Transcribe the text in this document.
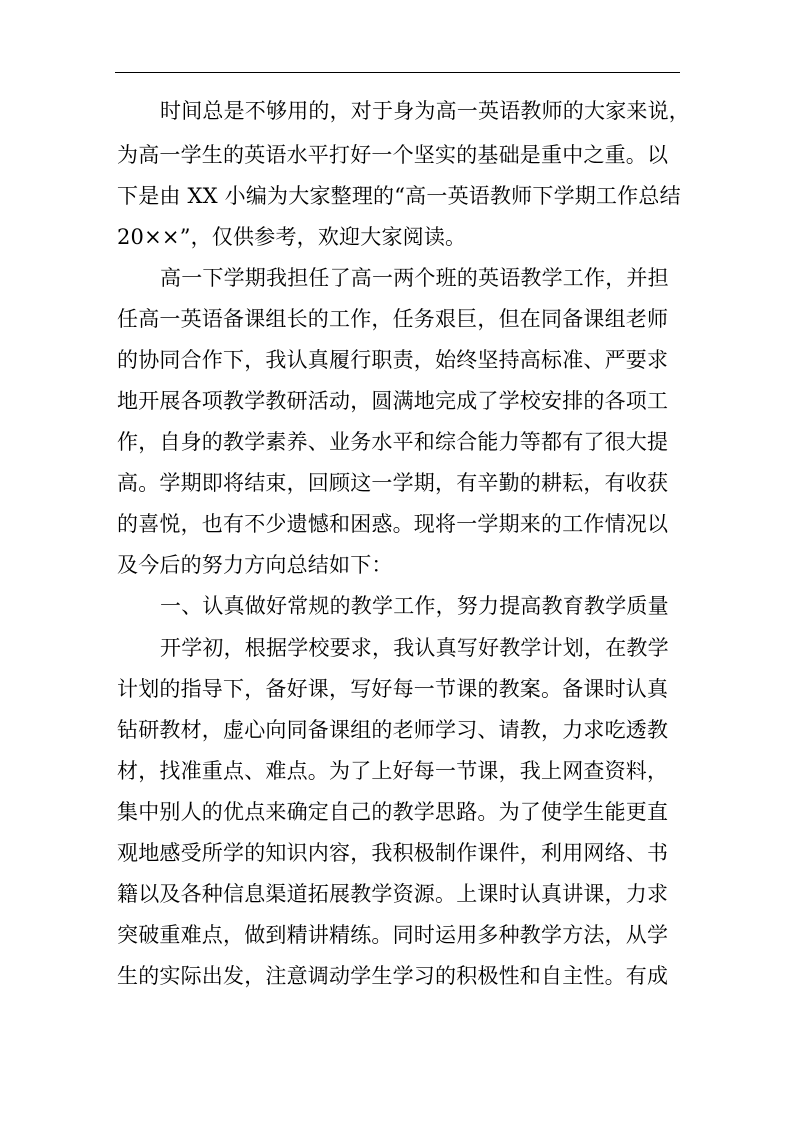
时间总是不够用的，对于身为高一英语教师的大家来说，
为高一学生的英语水平打好一个坚实的基础是重中之重。以
下是由 XX 小编为大家整理的“高一英语教师下学期工作总结
20××”，仅供参考，欢迎大家阅读。
高一下学期我担任了高一两个班的英语教学工作，并担
任高一英语备课组长的工作，任务艰巨，但在同备课组老师
的协同合作下，我认真履行职责，始终坚持高标准、严要求
地开展各项教学教研活动，圆满地完成了学校安排的各项工
作，自身的教学素养、业务水平和综合能力等都有了很大提
高。学期即将结束，回顾这一学期，有辛勤的耕耘，有收获
的喜悦，也有不少遗憾和困惑。现将一学期来的工作情况以
及今后的努力方向总结如下：
一、认真做好常规的教学工作，努力提高教育教学质量
开学初，根据学校要求，我认真写好教学计划，在教学
计划的指导下，备好课，写好每一节课的教案。备课时认真
钻研教材，虚心向同备课组的老师学习、请教，力求吃透教
材，找准重点、难点。为了上好每一节课，我上网查资料，
集中别人的优点来确定自己的教学思路。为了使学生能更直
观地感受所学的知识内容，我积极制作课件，利用网络、书
籍以及各种信息渠道拓展教学资源。上课时认真讲课，力求
突破重难点，做到精讲精练。同时运用多种教学方法，从学
生的实际出发，注意调动学生学习的积极性和自主性。有成
